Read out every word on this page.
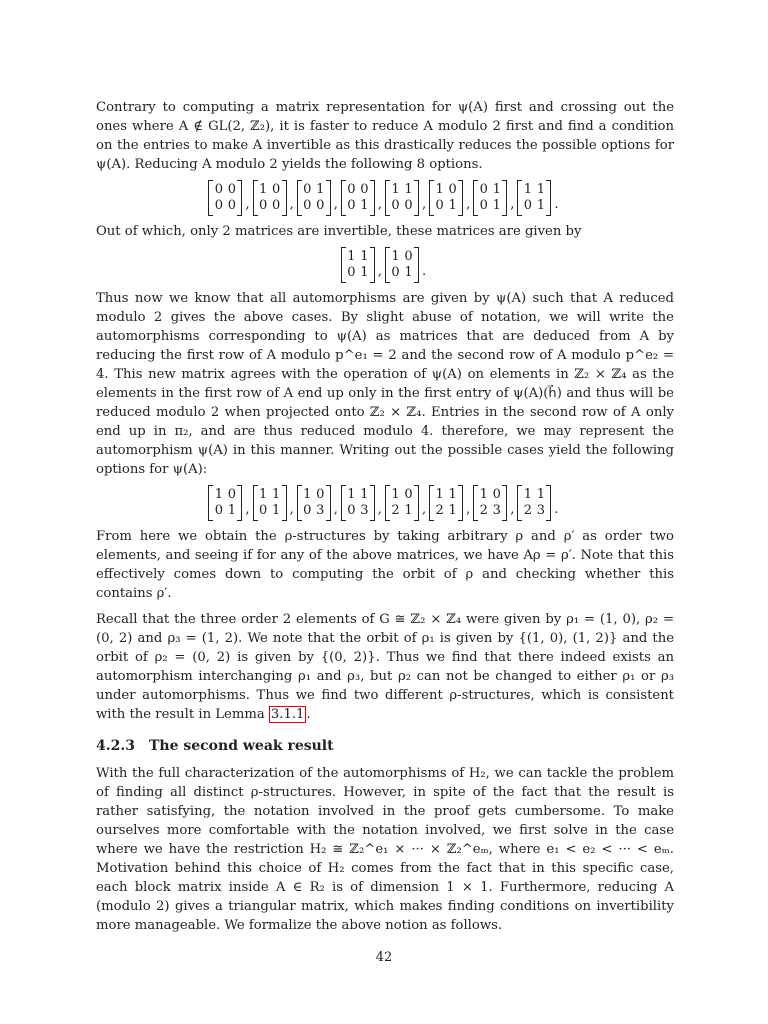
Contrary to computing a matrix representation for ψ(A) first and crossing out the ones where A ∉ GL(2, ℤ₂), it is faster to reduce A modulo 2 first and find a condition on the entries to make A invertible as this drastically reduces the possible options for ψ(A). Reducing A modulo 2 yields the following 8 options.

0 0
0 0 ,
1 0
0 0 ,
0 1
0 0 ,
0 0
0 1 ,
1 1
0 0 ,
1 0
0 1 ,
0 1
0 1 ,
1 1
0 1 .

Out of which, only 2 matrices are invertible, these matrices are given by

1 1
0 1 ,
1 0
0 1 .

Thus now we know that all automorphisms are given by ψ(A) such that A reduced modulo 2 gives the above cases. By slight abuse of notation, we will write the automorphisms corresponding to ψ(A) as matrices that are deduced from A by reducing the first row of A modulo p^e₁ = 2 and the second row of A modulo p^e₂ = 4. This new matrix agrees with the operation of ψ(A) on elements in ℤ₂ × ℤ₄ as the elements in the first row of A end up only in the first entry of ψ(A)(h⃗) and thus will be reduced modulo 2 when projected onto ℤ₂ × ℤ₄. Entries in the second row of A only end up in π₂, and are thus reduced modulo 4. therefore, we may represent the automorphism ψ(A) in this manner. Writing out the possible cases yield the following options for ψ(A):

1 0
0 1 ,
1 1
0 1 ,
1 0
0 3 ,
1 1
0 3 ,
1 0
2 1 ,
1 1
2 1 ,
1 0
2 3 ,
1 1
2 3 .

From here we obtain the ρ-structures by taking arbitrary ρ and ρ′ as order two elements, and seeing if for any of the above matrices, we have Aρ = ρ′. Note that this effectively comes down to computing the orbit of ρ and checking whether this contains ρ′.

Recall that the three order 2 elements of G ≅ ℤ₂ × ℤ₄ were given by ρ₁ = (1, 0), ρ₂ = (0, 2) and ρ₃ = (1, 2). We note that the orbit of ρ₁ is given by {(1, 0), (1, 2)} and the orbit of ρ₂ = (0, 2) is given by {(0, 2)}. Thus we find that there indeed exists an automorphism interchanging ρ₁ and ρ₃, but ρ₂ can not be changed to either ρ₁ or ρ₃ under automorphisms. Thus we find two different ρ-structures, which is consistent with the result in Lemma 3.1.1 .

4.2.3 The second weak result

With the full characterization of the automorphisms of H₂, we can tackle the problem of finding all distinct ρ-structures. However, in spite of the fact that the result is rather satisfying, the notation involved in the proof gets cumbersome. To make ourselves more comfortable with the notation involved, we first solve in the case where we have the restriction H₂ ≅ ℤ₂^e₁ × ··· × ℤ₂^eₘ, where e₁ < e₂ < ··· < eₘ. Motivation behind this choice of H₂ comes from the fact that in this specific case, each block matrix inside A ∈ R₂ is of dimension 1 × 1. Furthermore, reducing A (modulo 2) gives a triangular matrix, which makes finding conditions on invertibility more manageable. We formalize the above notion as follows.

42
